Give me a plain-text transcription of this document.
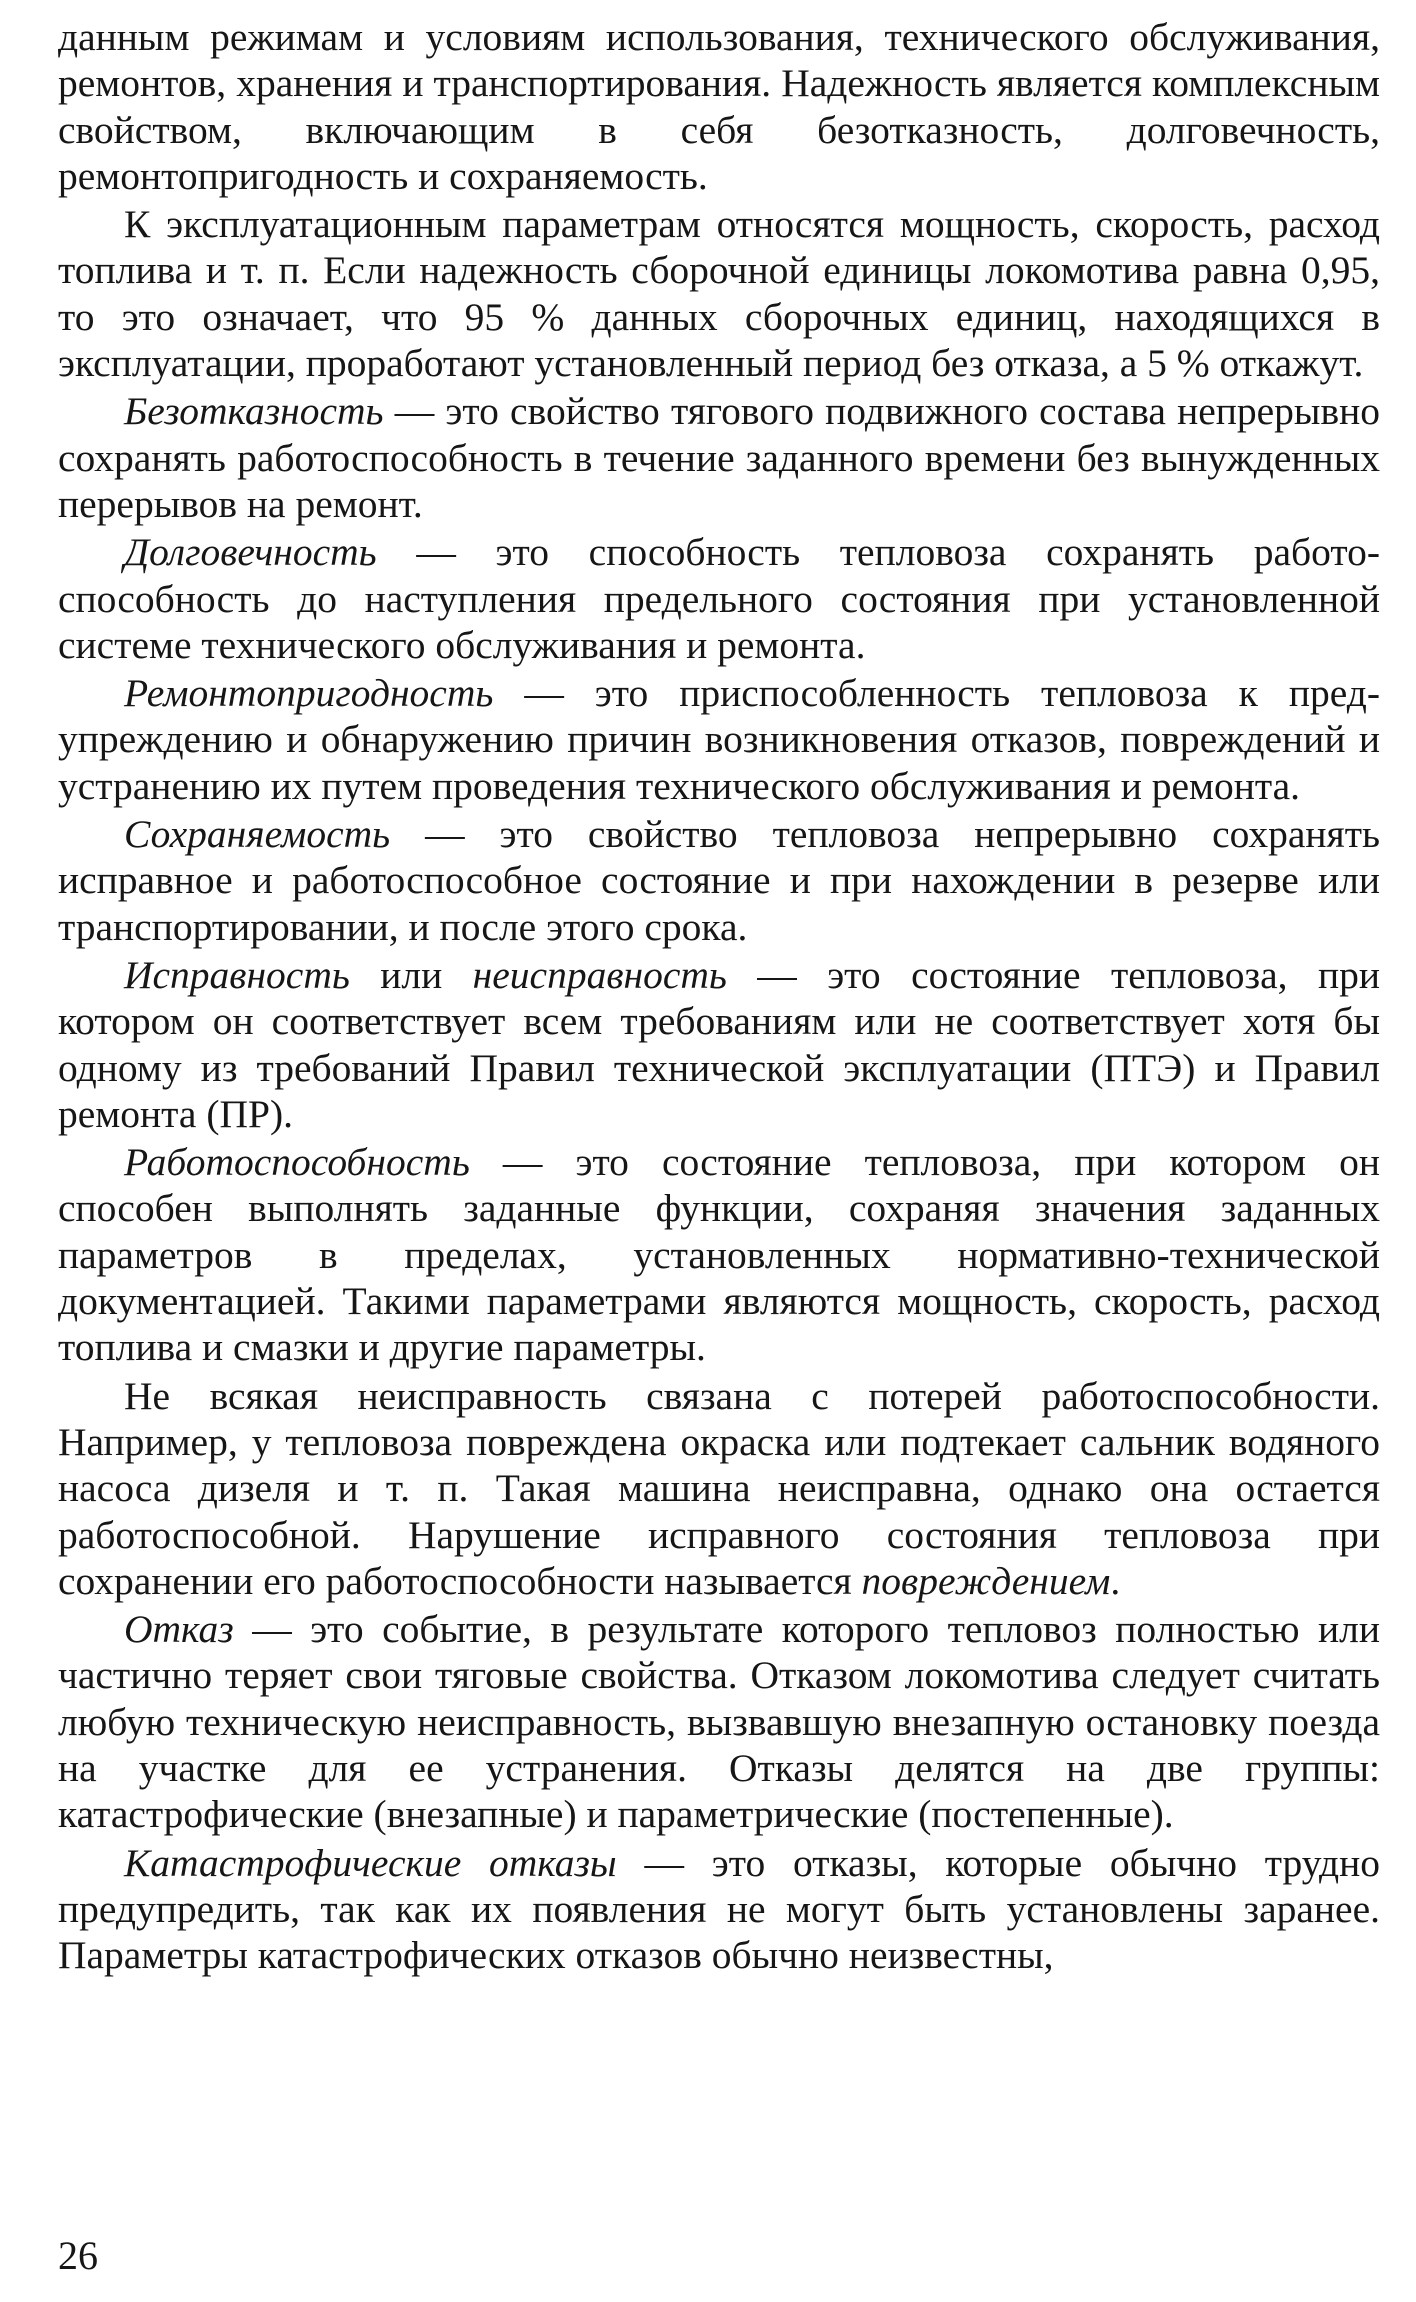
данным режимам и условиям использования, технического обслуживания, ремонтов, хранения и транспортирования. Надежность является комплексным свойством, включающим в себя безотказность, долговечность, ремонтопригодность и сохраняемость.

К эксплуатационным параметрам относятся мощность, скорость, расход топлива и т. п. Если надежность сборочной единицы локомотива равна 0,95, то это означает, что 95 % данных сборочных единиц, находящихся в эксплуатации, проработают установленный период без отказа, а 5 % откажут.

Безотказность — это свойство тягового подвижного состава непрерывно сохранять работоспособность в течение заданного времени без вынужденных перерывов на ремонт.

Долговечность — это способность тепловоза сохранять работоспособность до наступления предельного состояния при установленной системе технического обслуживания и ремонта.

Ремонтопригодность — это приспособленность тепловоза к предупреждению и обнаружению причин возникновения отказов, повреждений и устранению их путем проведения технического обслуживания и ремонта.

Сохраняемость — это свойство тепловоза непрерывно сохранять исправное и работоспособное состояние и при нахождении в резерве или транспортировании, и после этого срока.

Исправность или неисправность — это состояние тепловоза, при котором он соответствует всем требованиям или не соответствует хотя бы одному из требований Правил технической эксплуатации (ПТЭ) и Правил ремонта (ПР).

Работоспособность — это состояние тепловоза, при котором он способен выполнять заданные функции, сохраняя значения заданных параметров в пределах, установленных нормативно-технической документацией. Такими параметрами являются мощность, скорость, расход топлива и смазки и другие параметры.

Не всякая неисправность связана с потерей работоспособности. Например, у тепловоза повреждена окраска или подтекает сальник водяного насоса дизеля и т. п. Такая машина неисправна, однако она остается работоспособной. Нарушение исправного состояния тепловоза при сохранении его работоспособности называется повреждением.

Отказ — это событие, в результате которого тепловоз полностью или частично теряет свои тяговые свойства. Отказом локомотива следует считать любую техническую неисправность, вызвавшую внезапную остановку поезда на участке для ее устранения. Отказы делятся на две группы: катастрофические (внезапные) и параметрические (постепенные).

Катастрофические отказы — это отказы, которые обычно трудно предупредить, так как их появления не могут быть установлены заранее. Параметры катастрофических отказов обычно неизвестны,

26
